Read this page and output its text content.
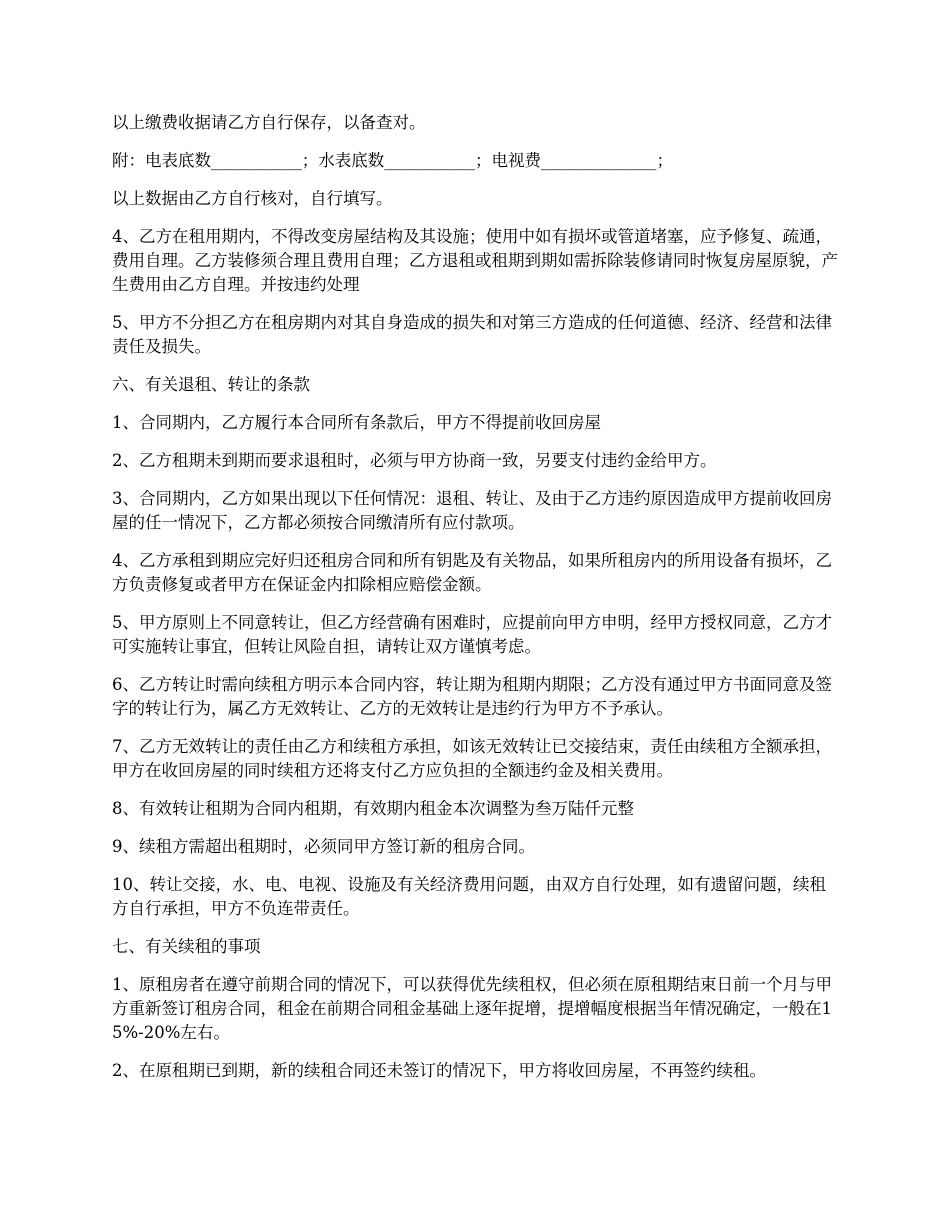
以上缴费收据请乙方自行保存，以备查对。

附：电表底数___________；水表底数___________；电视费______________；

以上数据由乙方自行核对，自行填写。

4、乙方在租用期内，不得改变房屋结构及其设施；使用中如有损坏或管道堵塞，应予修复、疏通，费用自理。乙方装修须合理且费用自理；乙方退租或租期到期如需拆除装修请同时恢复房屋原貌，产生费用由乙方自理。并按违约处理

5、甲方不分担乙方在租房期内对其自身造成的损失和对第三方造成的任何道德、经济、经营和法律责任及损失。

六、有关退租、转让的条款

1、合同期内，乙方履行本合同所有条款后，甲方不得提前收回房屋

2、乙方租期未到期而要求退租时，必须与甲方协商一致，另要支付违约金给甲方。

3、合同期内，乙方如果出现以下任何情况：退租、转让、及由于乙方违约原因造成甲方提前收回房屋的任一情况下，乙方都必须按合同缴清所有应付款项。

4、乙方承租到期应完好归还租房合同和所有钥匙及有关物品，如果所租房内的所用设备有损坏，乙方负责修复或者甲方在保证金内扣除相应赔偿金额。

5、甲方原则上不同意转让，但乙方经营确有困难时，应提前向甲方申明，经甲方授权同意，乙方才可实施转让事宜，但转让风险自担，请转让双方谨慎考虑。

6、乙方转让时需向续租方明示本合同内容，转让期为租期内期限；乙方没有通过甲方书面同意及签字的转让行为，属乙方无效转让、乙方的无效转让是违约行为甲方不予承认。

7、乙方无效转让的责任由乙方和续租方承担，如该无效转让已交接结束，责任由续租方全额承担，甲方在收回房屋的同时续租方还将支付乙方应负担的全额违约金及相关费用。

8、有效转让租期为合同内租期，有效期内租金本次调整为叁万陆仟元整

9、续租方需超出租期时，必须同甲方签订新的租房合同。

10、转让交接，水、电、电视、设施及有关经济费用问题，由双方自行处理，如有遗留问题，续租方自行承担，甲方不负连带责任。

七、有关续租的事项

1、原租房者在遵守前期合同的情况下，可以获得优先续租权，但必须在原租期结束日前一个月与甲方重新签订租房合同，租金在前期合同租金基础上逐年捉增，提增幅度根据当年情况确定，一般在15%-20%左右。

2、在原租期已到期，新的续租合同还未签订的情况下，甲方将收回房屋，不再签约续租。
